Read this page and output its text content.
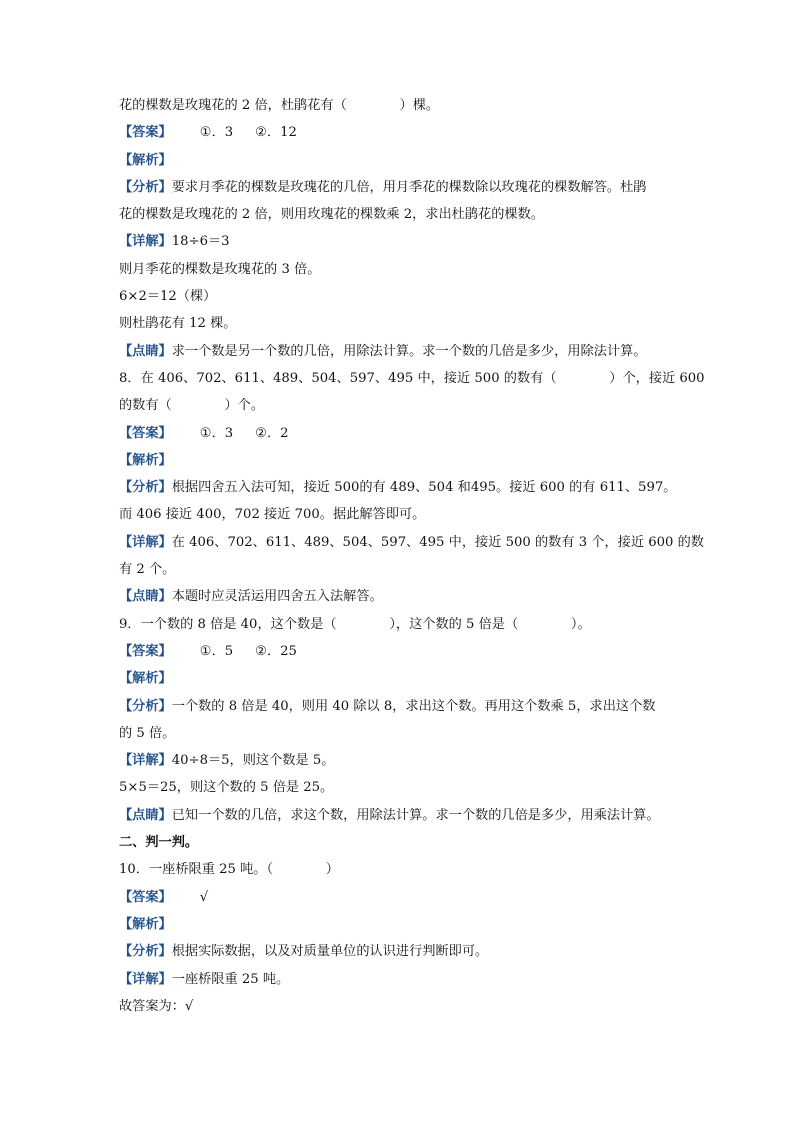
花的棵数是玫瑰花的 2 倍，杜鹃花有（　　　　）棵。
【答案】 ①．3 ②．12
【解析】
【分析】要求月季花的棵数是玫瑰花的几倍，用月季花的棵数除以玫瑰花的棵数解答。杜鹃
花的棵数是玫瑰花的 2 倍，则用玫瑰花的棵数乘 2，求出杜鹃花的棵数。
【详解】18÷6＝3
则月季花的棵数是玫瑰花的 3 倍。
6×2＝12（棵）
则杜鹃花有 12 棵。
【点睛】求一个数是另一个数的几倍，用除法计算。求一个数的几倍是多少，用除法计算。
8．在 406、702、611、489、504、597、495 中，接近 500 的数有（　　　　）个，接近 600
的数有（　　　　）个。
【答案】 ①．3 ②．2
【解析】
【分析】根据四舍五入法可知，接近 500的有 489、504 和495。接近 600 的有 611、597。
而 406 接近 400，702 接近 700。据此解答即可。
【详解】在 406、702、611、489、504、597、495 中，接近 500 的数有 3 个，接近 600 的数
有 2 个。
【点睛】本题时应灵活运用四舍五入法解答。
9．一个数的 8 倍是 40，这个数是（　　　　），这个数的 5 倍是（　　　　）。
【答案】 ①．5 ②．25
【解析】
【分析】一个数的 8 倍是 40，则用 40 除以 8，求出这个数。再用这个数乘 5，求出这个数
的 5 倍。
【详解】40÷8＝5，则这个数是 5。
5×5＝25，则这个数的 5 倍是 25。
【点睛】已知一个数的几倍，求这个数，用除法计算。求一个数的几倍是多少，用乘法计算。
二、判一判。
10．一座桥限重 25 吨。（　　　　）
【答案】 √
【解析】
【分析】根据实际数据，以及对质量单位的认识进行判断即可。
【详解】一座桥限重 25 吨。
故答案为：√
